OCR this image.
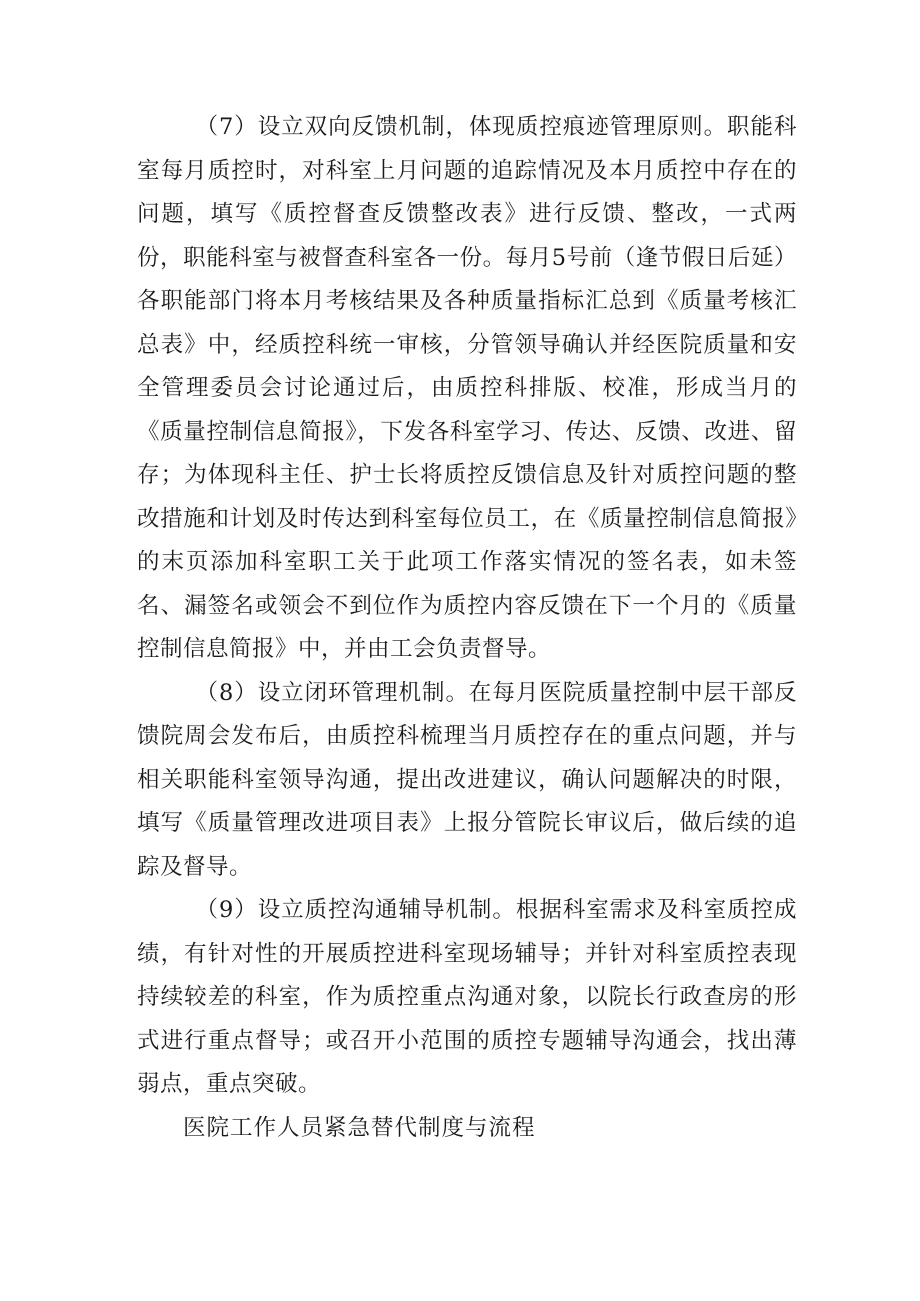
（7）设立双向反馈机制，体现质控痕迹管理原则。职能科室每月质控时，对科室上月问题的追踪情况及本月质控中存在的问题，填写《质控督查反馈整改表》进行反馈、整改，一式两份，职能科室与被督查科室各一份。每月5号前（逢节假日后延）各职能部门将本月考核结果及各种质量指标汇总到《质量考核汇总表》中，经质控科统一审核，分管领导确认并经医院质量和安全管理委员会讨论通过后，由质控科排版、校准，形成当月的《质量控制信息简报》，下发各科室学习、传达、反馈、改进、留存；为体现科主任、护士长将质控反馈信息及针对质控问题的整改措施和计划及时传达到科室每位员工，在《质量控制信息简报》的末页添加科室职工关于此项工作落实情况的签名表，如未签名、漏签名或领会不到位作为质控内容反馈在下一个月的《质量控制信息简报》中，并由工会负责督导。

（8）设立闭环管理机制。在每月医院质量控制中层干部反馈院周会发布后，由质控科梳理当月质控存在的重点问题，并与相关职能科室领导沟通，提出改进建议，确认问题解决的时限，填写《质量管理改进项目表》上报分管院长审议后，做后续的追踪及督导。

（9）设立质控沟通辅导机制。根据科室需求及科室质控成绩，有针对性的开展质控进科室现场辅导；并针对科室质控表现持续较差的科室，作为质控重点沟通对象，以院长行政查房的形式进行重点督导；或召开小范围的质控专题辅导沟通会，找出薄弱点，重点突破。

医院工作人员紧急替代制度与流程
